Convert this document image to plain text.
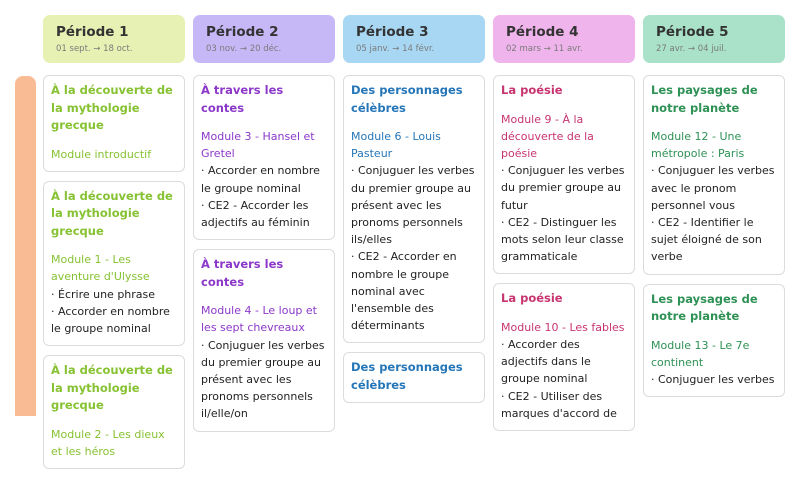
Période 1
01 sept. → 18 oct.
Période 2
03 nov. → 20 déc.
Période 3
05 janv. → 14 févr.
Période 4
02 mars → 11 avr.
Période 5
27 avr. → 04 juil.
À la découverte de la mythologie grecque
Module introductif
À la découverte de la mythologie grecque
Module 1 - Les aventure d'Ulysse
· Écrire une phrase
· Accorder en nombre le groupe nominal
À la découverte de la mythologie grecque
Module 2 - Les dieux et les héros
À travers les contes
Module 3 - Hansel et Gretel
· Accorder en nombre le groupe nominal
· CE2 - Accorder les adjectifs au féminin
À travers les contes
Module 4 - Le loup et les sept chevreaux
· Conjuguer les verbes du premier groupe au présent avec les pronoms personnels il/elle/on
Des personnages célèbres
Module 6 - Louis Pasteur
· Conjuguer les verbes du premier groupe au présent avec les pronoms personnels ils/elles
· CE2 - Accorder en nombre le groupe nominal avec l'ensemble des déterminants
Des personnages célèbres
La poésie
Module 9 - À la découverte de la poésie
· Conjuguer les verbes du premier groupe au futur
· CE2 - Distinguer les mots selon leur classe grammaticale
La poésie
Module 10 - Les fables
· Accorder des adjectifs dans le groupe nominal
· CE2 - Utiliser des marques d'accord de
Les paysages de notre planète
Module 12 - Une métropole : Paris
· Conjuguer les verbes avec le pronom personnel vous
· CE2 - Identifier le sujet éloigné de son verbe
Les paysages de notre planète
Module 13 - Le 7e continent
· Conjuguer les verbes
